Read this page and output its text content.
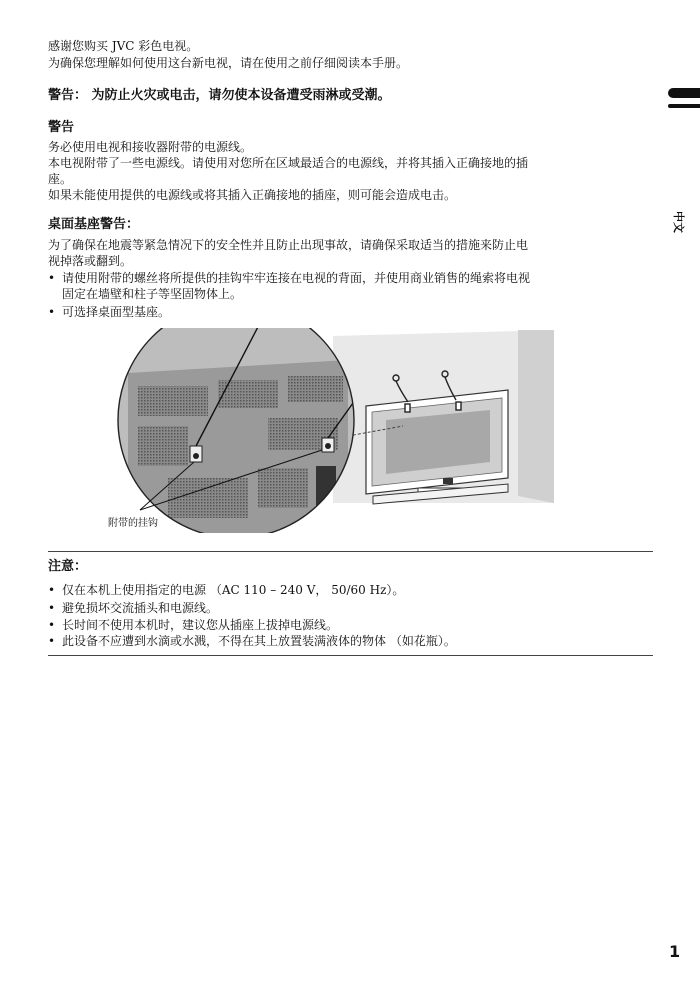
感谢您购买 JVC 彩色电视。

为确保您理解如何使用这台新电视，请在使用之前仔细阅读本手册。

警告： 为防止火灾或电击，请勿使本设备遭受雨淋或受潮。

警告

务必使用电视和接收器附带的电源线。

本电视附带了一些电源线。请使用对您所在区域最适合的电源线，并将其插入正确接地的插

座。

如果未能使用提供的电源线或将其插入正确接地的插座，则可能会造成电击。

桌面基座警告：

为了确保在地震等紧急情况下的安全性并且防止出现事故，请确保采取适当的措施来防止电

视掉落或翻到。

• 请使用附带的螺丝将所提供的挂钩牢牢连接在电视的背面，并使用商业销售的绳索将电视
固定在墙壁和柱子等坚固物体上。
• 可选择桌面型基座。
附带的挂钩

注意：

• 仅在本机上使用指定的电源 （AC 110 – 240 V， 50/60 Hz）。
• 避免损坏交流插头和电源线。
• 长时间不使用本机时，建议您从插座上拔掉电源线。
• 此设备不应遭到水滴或水溅，不得在其上放置装满液体的物体 （如花瓶）。
中文
1
